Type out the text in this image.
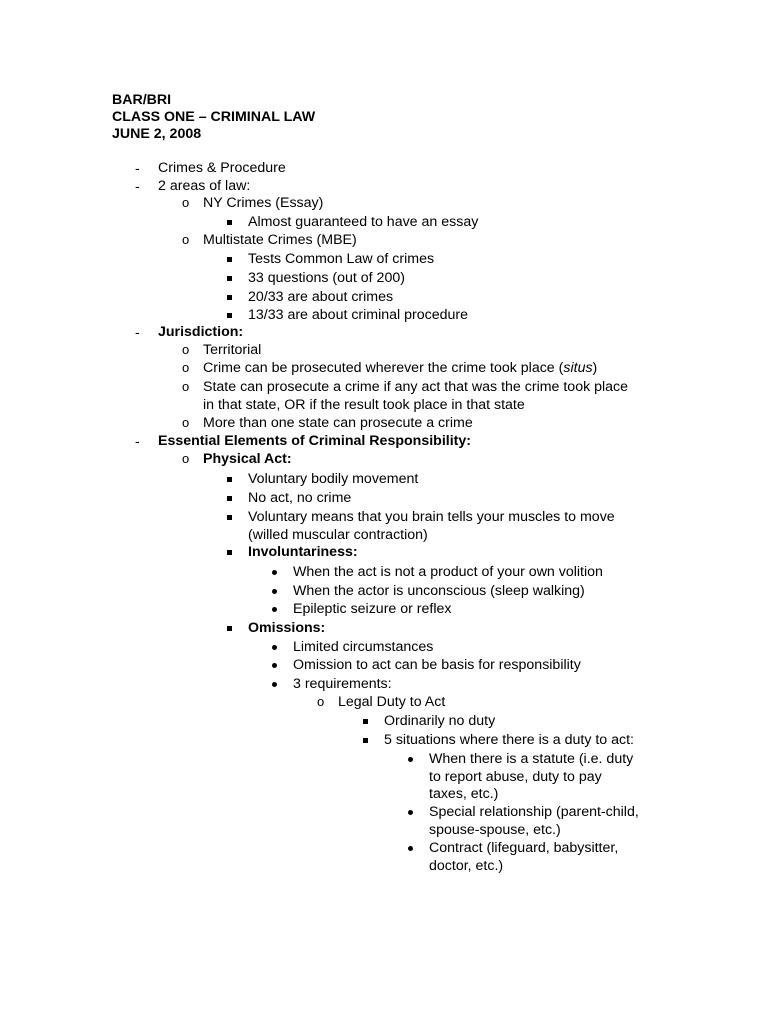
BAR/BRI
CLASS ONE – CRIMINAL LAW
JUNE 2, 2008
- Crimes & Procedure
- 2 areas of law:
o NY Crimes (Essay)
Almost guaranteed to have an essay
o Multistate Crimes (MBE)
Tests Common Law of crimes
33 questions (out of 200)
20/33 are about crimes
13/33 are about criminal procedure
- Jurisdiction:
o Territorial
o Crime can be prosecuted wherever the crime took place (situs)
o State can prosecute a crime if any act that was the crime took place
in that state, OR if the result took place in that state
o More than one state can prosecute a crime
- Essential Elements of Criminal Responsibility:
o Physical Act:
Voluntary bodily movement
No act, no crime
Voluntary means that you brain tells your muscles to move
(willed muscular contraction)
Involuntariness:
When the act is not a product of your own volition
When the actor is unconscious (sleep walking)
Epileptic seizure or reflex
Omissions:
Limited circumstances
Omission to act can be basis for responsibility
3 requirements:
o Legal Duty to Act
Ordinarily no duty
5 situations where there is a duty to act:
When there is a statute (i.e. duty
to report abuse, duty to pay
taxes, etc.)
Special relationship (parent-child,
spouse-spouse, etc.)
Contract (lifeguard, babysitter,
doctor, etc.)
